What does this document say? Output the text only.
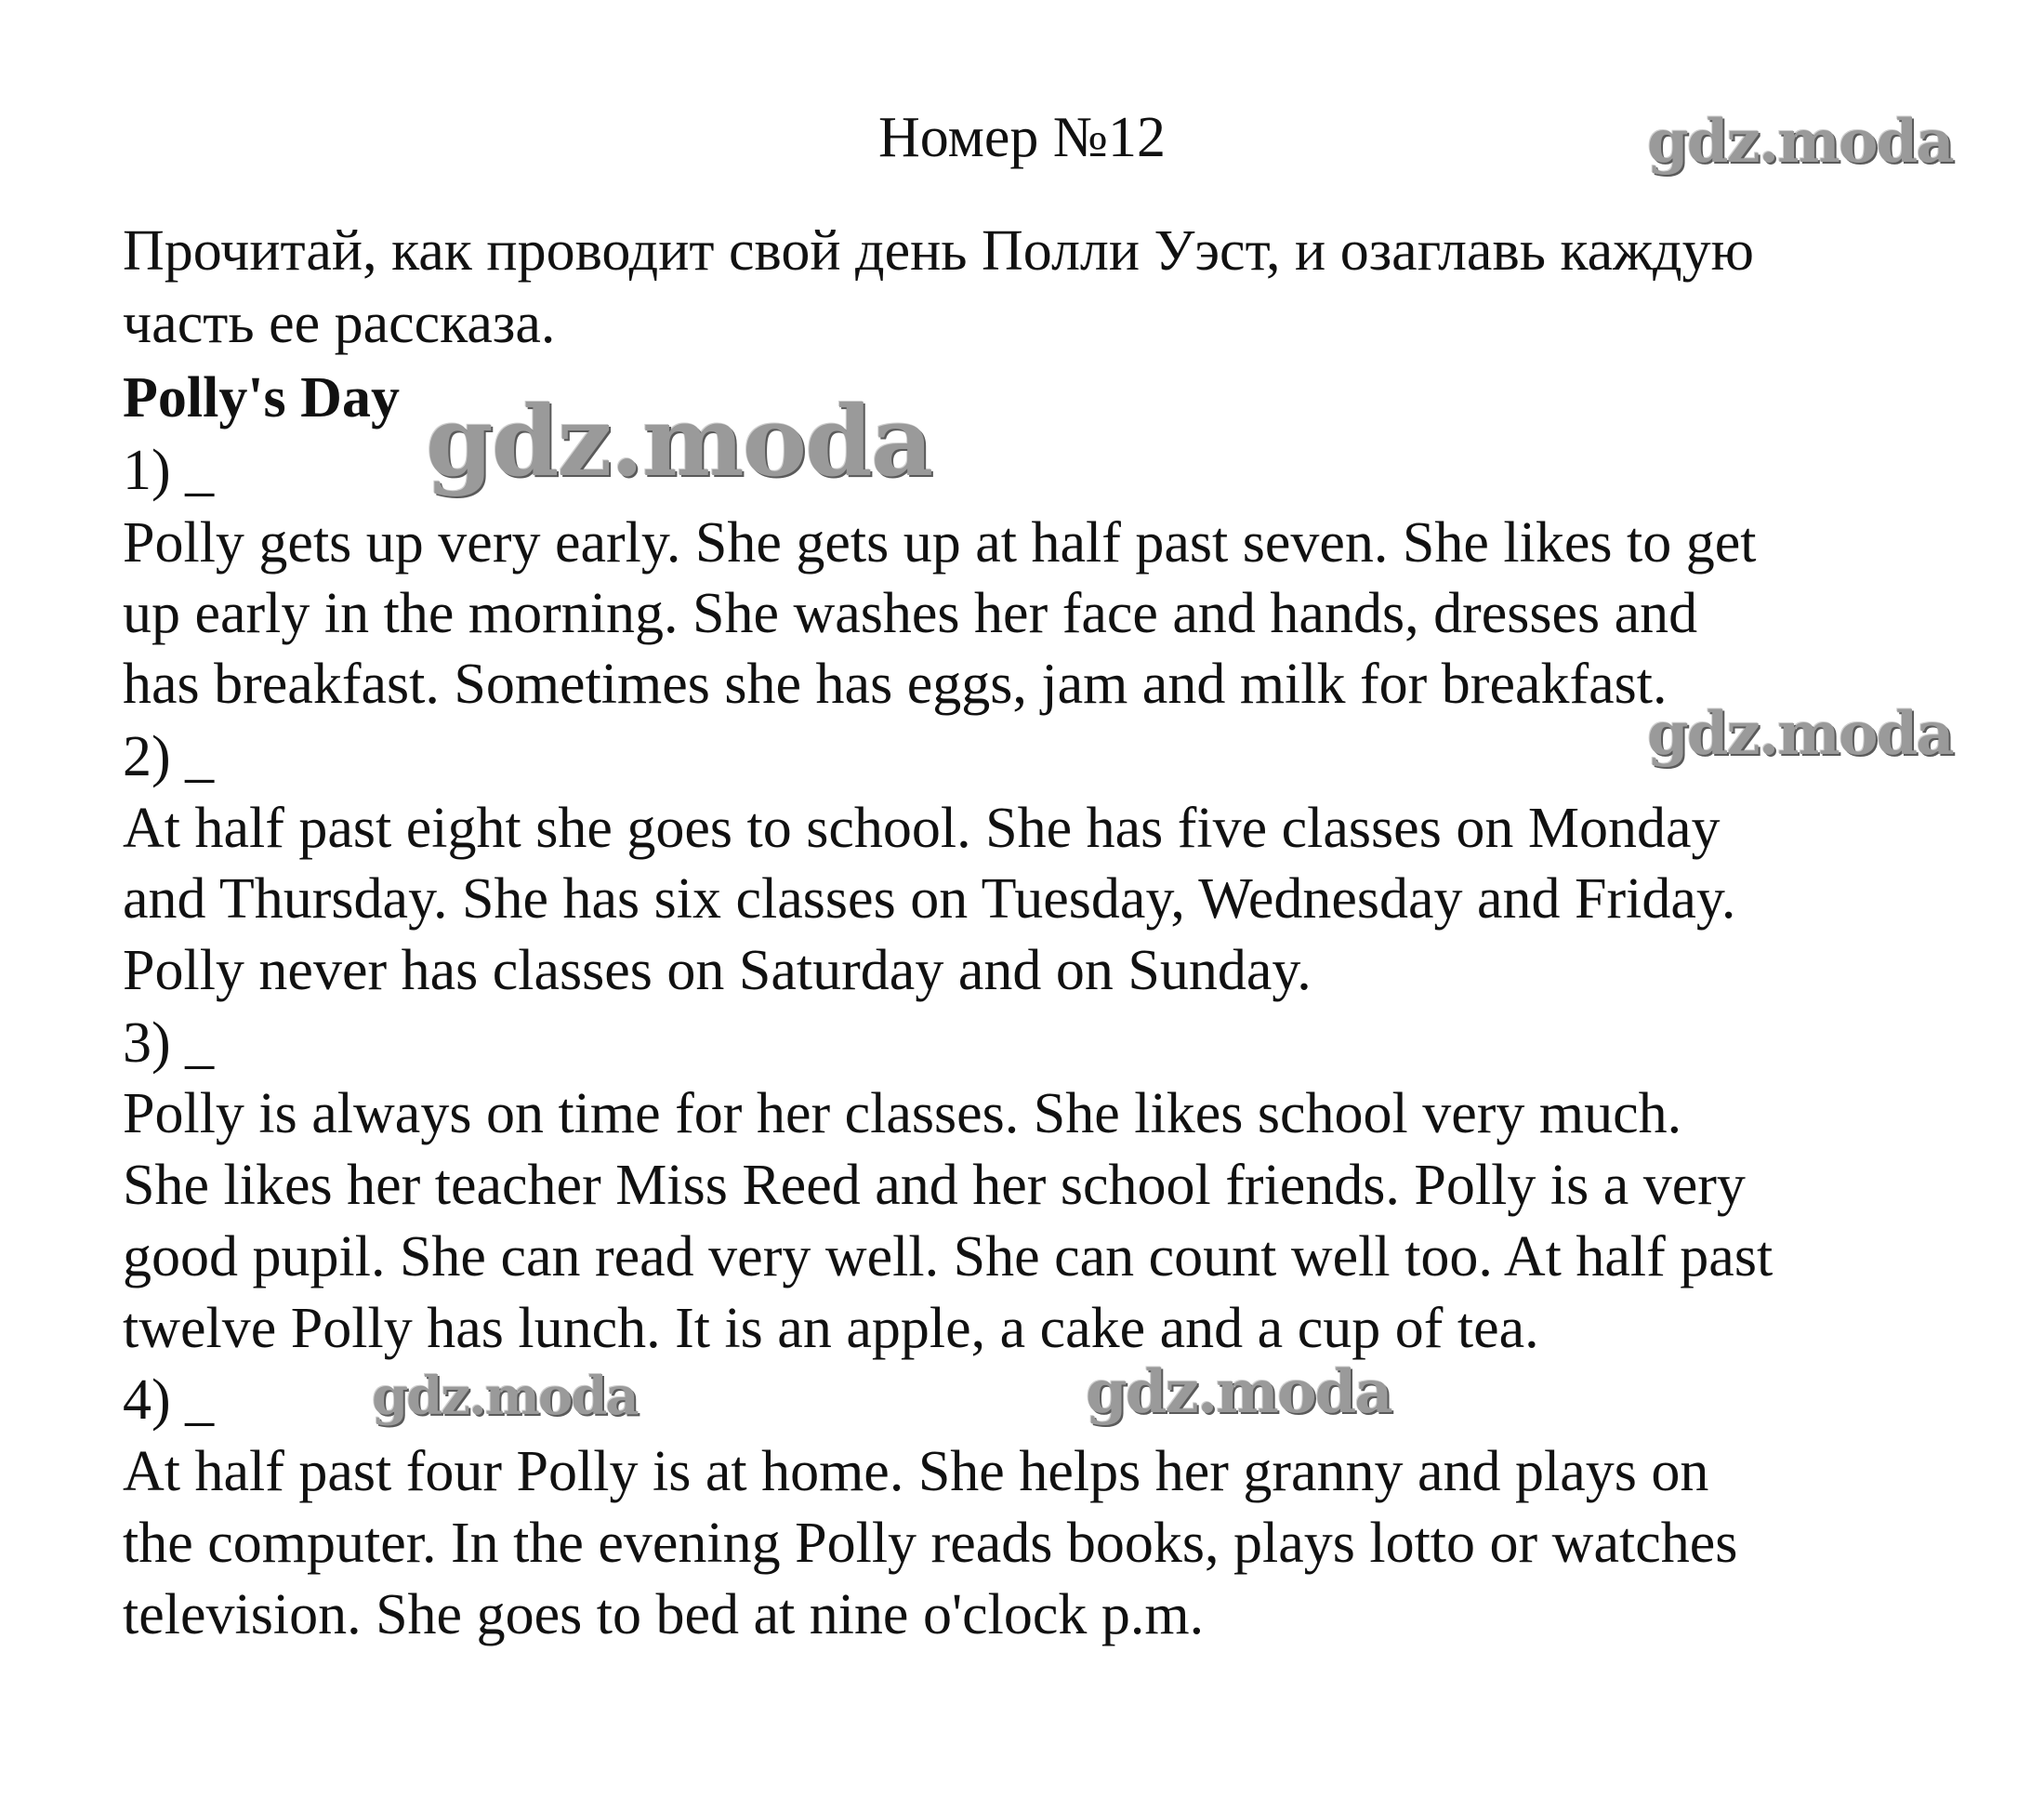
Номер №12
Прочитай, как проводит свой день Полли Уэст, и озаглавь каждую
часть ее рассказа.
Polly's Day
1) _
Polly gets up very early. She gets up at half past seven. She likes to get
up early in the morning. She washes her face and hands, dresses and
has breakfast. Sometimes she has eggs, jam and milk for breakfast.
2) _
At half past eight she goes to school. She has five classes on Monday
and Thursday. She has six classes on Tuesday, Wednesday and Friday.
Polly never has classes on Saturday and on Sunday.
3) _
Polly is always on time for her classes. She likes school very much.
She likes her teacher Miss Reed and her school friends. Polly is a very
good pupil. She can read very well. She can count well too. At half past
twelve Polly has lunch. It is an apple, a cake and a cup of tea.
4) _
At half past four Polly is at home. She helps her granny and plays on
the computer. In the evening Polly reads books, plays lotto or watches
television. She goes to bed at nine o'clock p.m.
gdz.moda
gdz.moda
gdz.moda
gdz.moda	gdz.moda
